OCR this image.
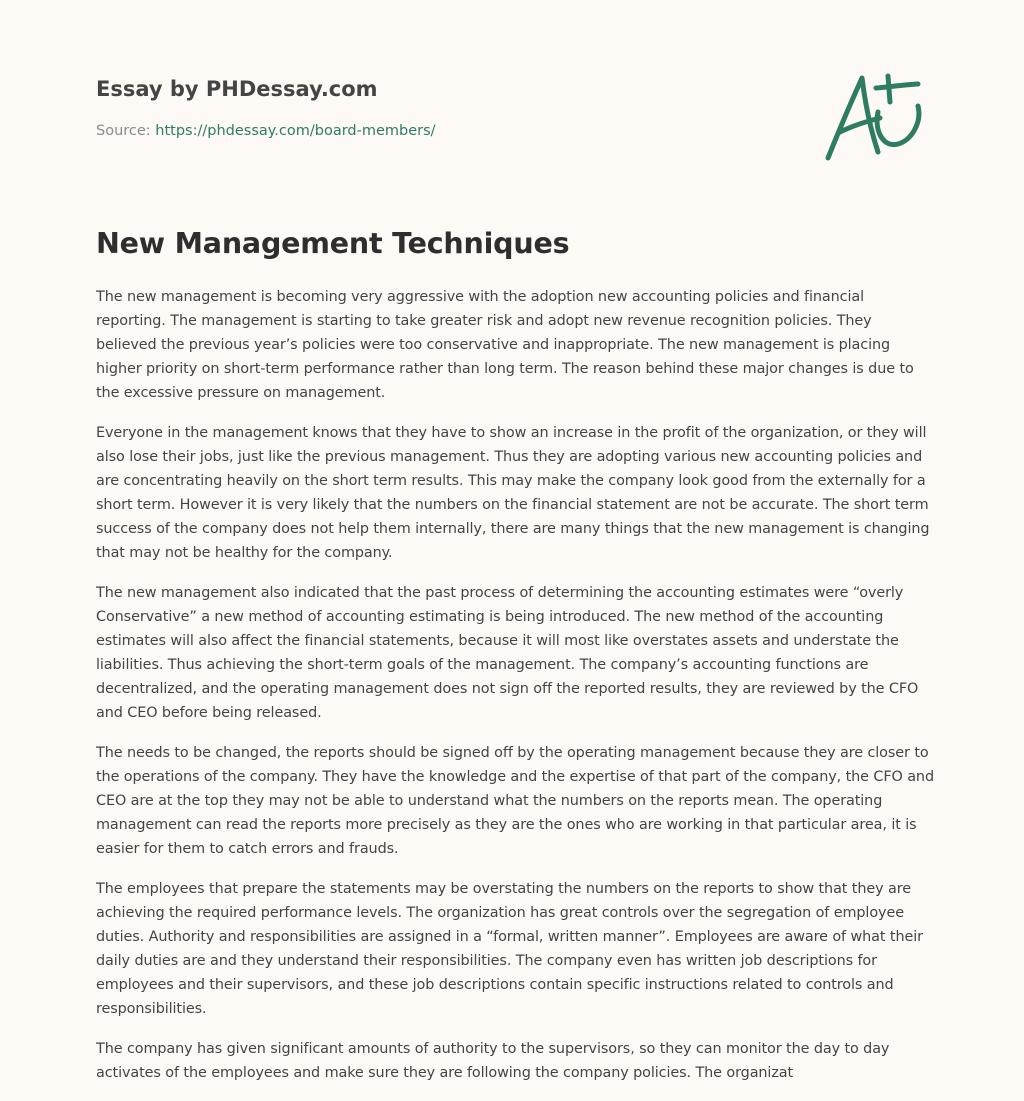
Essay by PHDessay.com

Source: https://phdessay.com/board-members/
New Management Techniques

The new management is becoming very aggressive with the adoption new accounting policies and financial reporting. The management is starting to take greater risk and adopt new revenue recognition policies. They believed the previous year’s policies were too conservative and inappropriate. The new management is placing higher priority on short-term performance rather than long term. The reason behind these major changes is due to the excessive pressure on management.

Everyone in the management knows that they have to show an increase in the profit of the organization, or they will also lose their jobs, just like the previous management. Thus they are adopting various new accounting policies and are concentrating heavily on the short term results. This may make the company look good from the externally for a short term. However it is very likely that the numbers on the financial statement are not be accurate. The short term success of the company does not help them internally, there are many things that the new management is changing that may not be healthy for the company.

The new management also indicated that the past process of determining the accounting estimates were “overly Conservative” a new method of accounting estimating is being introduced. The new method of the accounting estimates will also affect the financial statements, because it will most like overstates assets and understate the liabilities. Thus achieving the short-term goals of the management. The company’s accounting functions are decentralized, and the operating management does not sign off the reported results, they are reviewed by the CFO and CEO before being released.

The needs to be changed, the reports should be signed off by the operating management because they are closer to the operations of the company. They have the knowledge and the expertise of that part of the company, the CFO and CEO are at the top they may not be able to understand what the numbers on the reports mean. The operating management can read the reports more precisely as they are the ones who are working in that particular area, it is easier for them to catch errors and frauds.

The employees that prepare the statements may be overstating the numbers on the reports to show that they are achieving the required performance levels. The organization has great controls over the segregation of employee duties. Authority and responsibilities are assigned in a “formal, written manner”. Employees are aware of what their daily duties are and they understand their responsibilities. The company even has written job descriptions for employees and their supervisors, and these job descriptions contain specific instructions related to controls and responsibilities.

The company has given significant amounts of authority to the supervisors, so they can monitor the day to day activates of the employees and make sure they are following the company policies. The organizat
